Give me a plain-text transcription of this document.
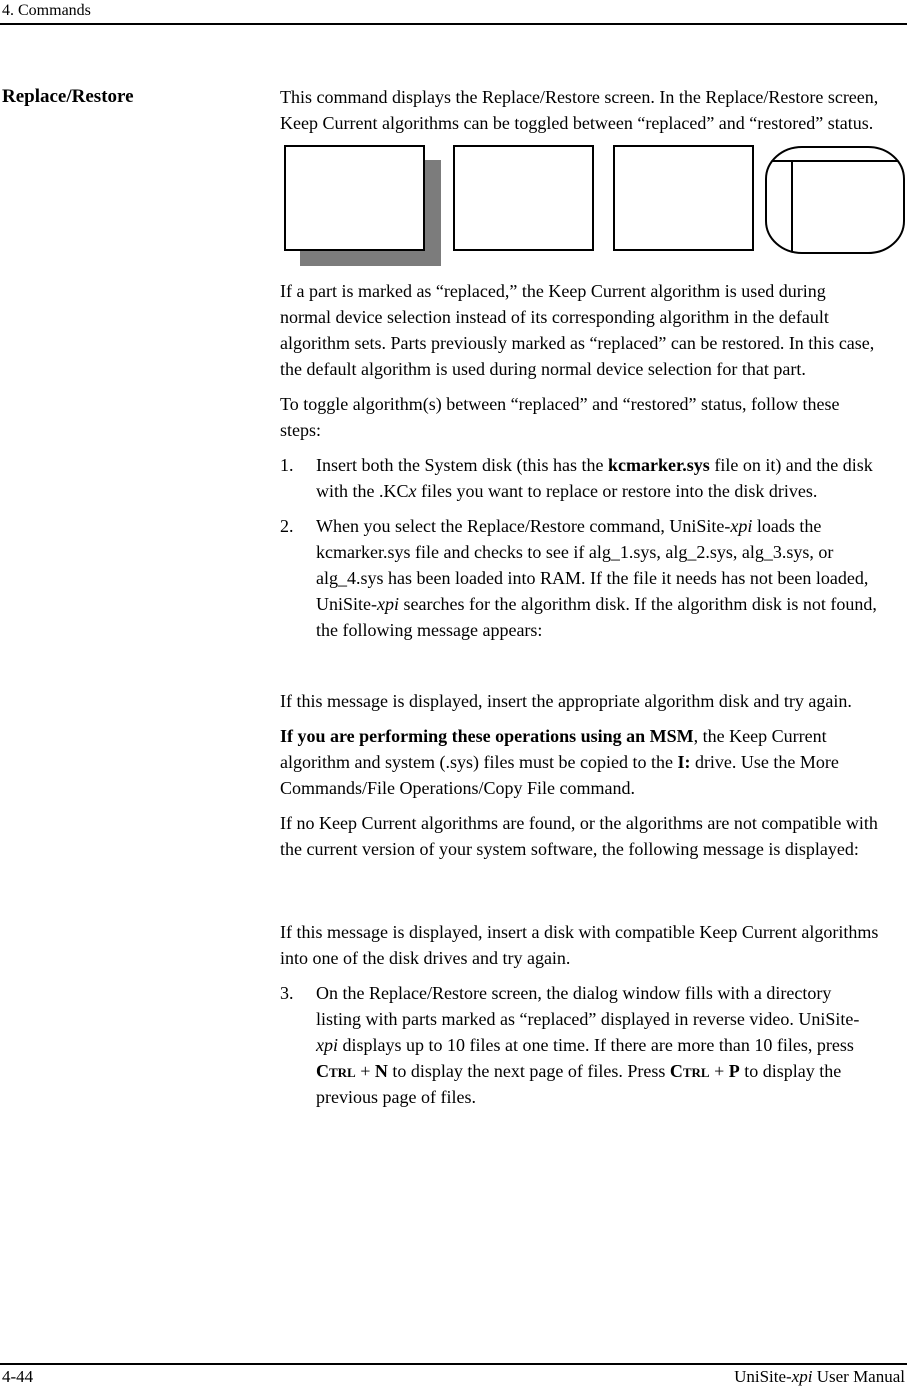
4. Commands
Replace/Restore	This command displays the Replace/Restore screen. In the Replace/Restore screen, Keep Current algorithms can be toggled between “replaced” and “restored” status.

If a part is marked as “replaced,” the Keep Current algorithm is used during normal device selection instead of its corresponding algorithm in the default algorithm sets. Parts previously marked as “replaced” can be restored. In this case, the default algorithm is used during normal device selection for that part.

To toggle algorithm(s) between “replaced” and “restored” status, follow these steps:

1.	Insert both the System disk (this has the kcmarker.sys file on it) and the disk with the .KCx files you want to replace or restore into the disk drives.
2.	When you select the Replace/Restore command, UniSite-xpi loads the kcmarker.sys file and checks to see if alg_1.sys, alg_2.sys, alg_3.sys, or alg_4.sys has been loaded into RAM. If the file it needs has not been loaded, UniSite-xpi searches for the algorithm disk. If the algorithm disk is not found, the following message appears:

If this message is displayed, insert the appropriate algorithm disk and try again.

If you are performing these operations using an MSM, the Keep Current algorithm and system (.sys) files must be copied to the I: drive. Use the More Commands/File Operations/Copy File command.

If no Keep Current algorithms are found, or the algorithms are not compatible with the current version of your system software, the following message is displayed:

If this message is displayed, insert a disk with compatible Keep Current algorithms into one of the disk drives and try again.

3.	On the Replace/Restore screen, the dialog window fills with a directory listing with parts marked as “replaced” displayed in reverse video. UniSite-xpi displays up to 10 files at one time. If there are more than 10 files, press Ctrl + N to display the next page of files. Press Ctrl + P to display the previous page of files.
4-44	UniSite-xpi User Manual
